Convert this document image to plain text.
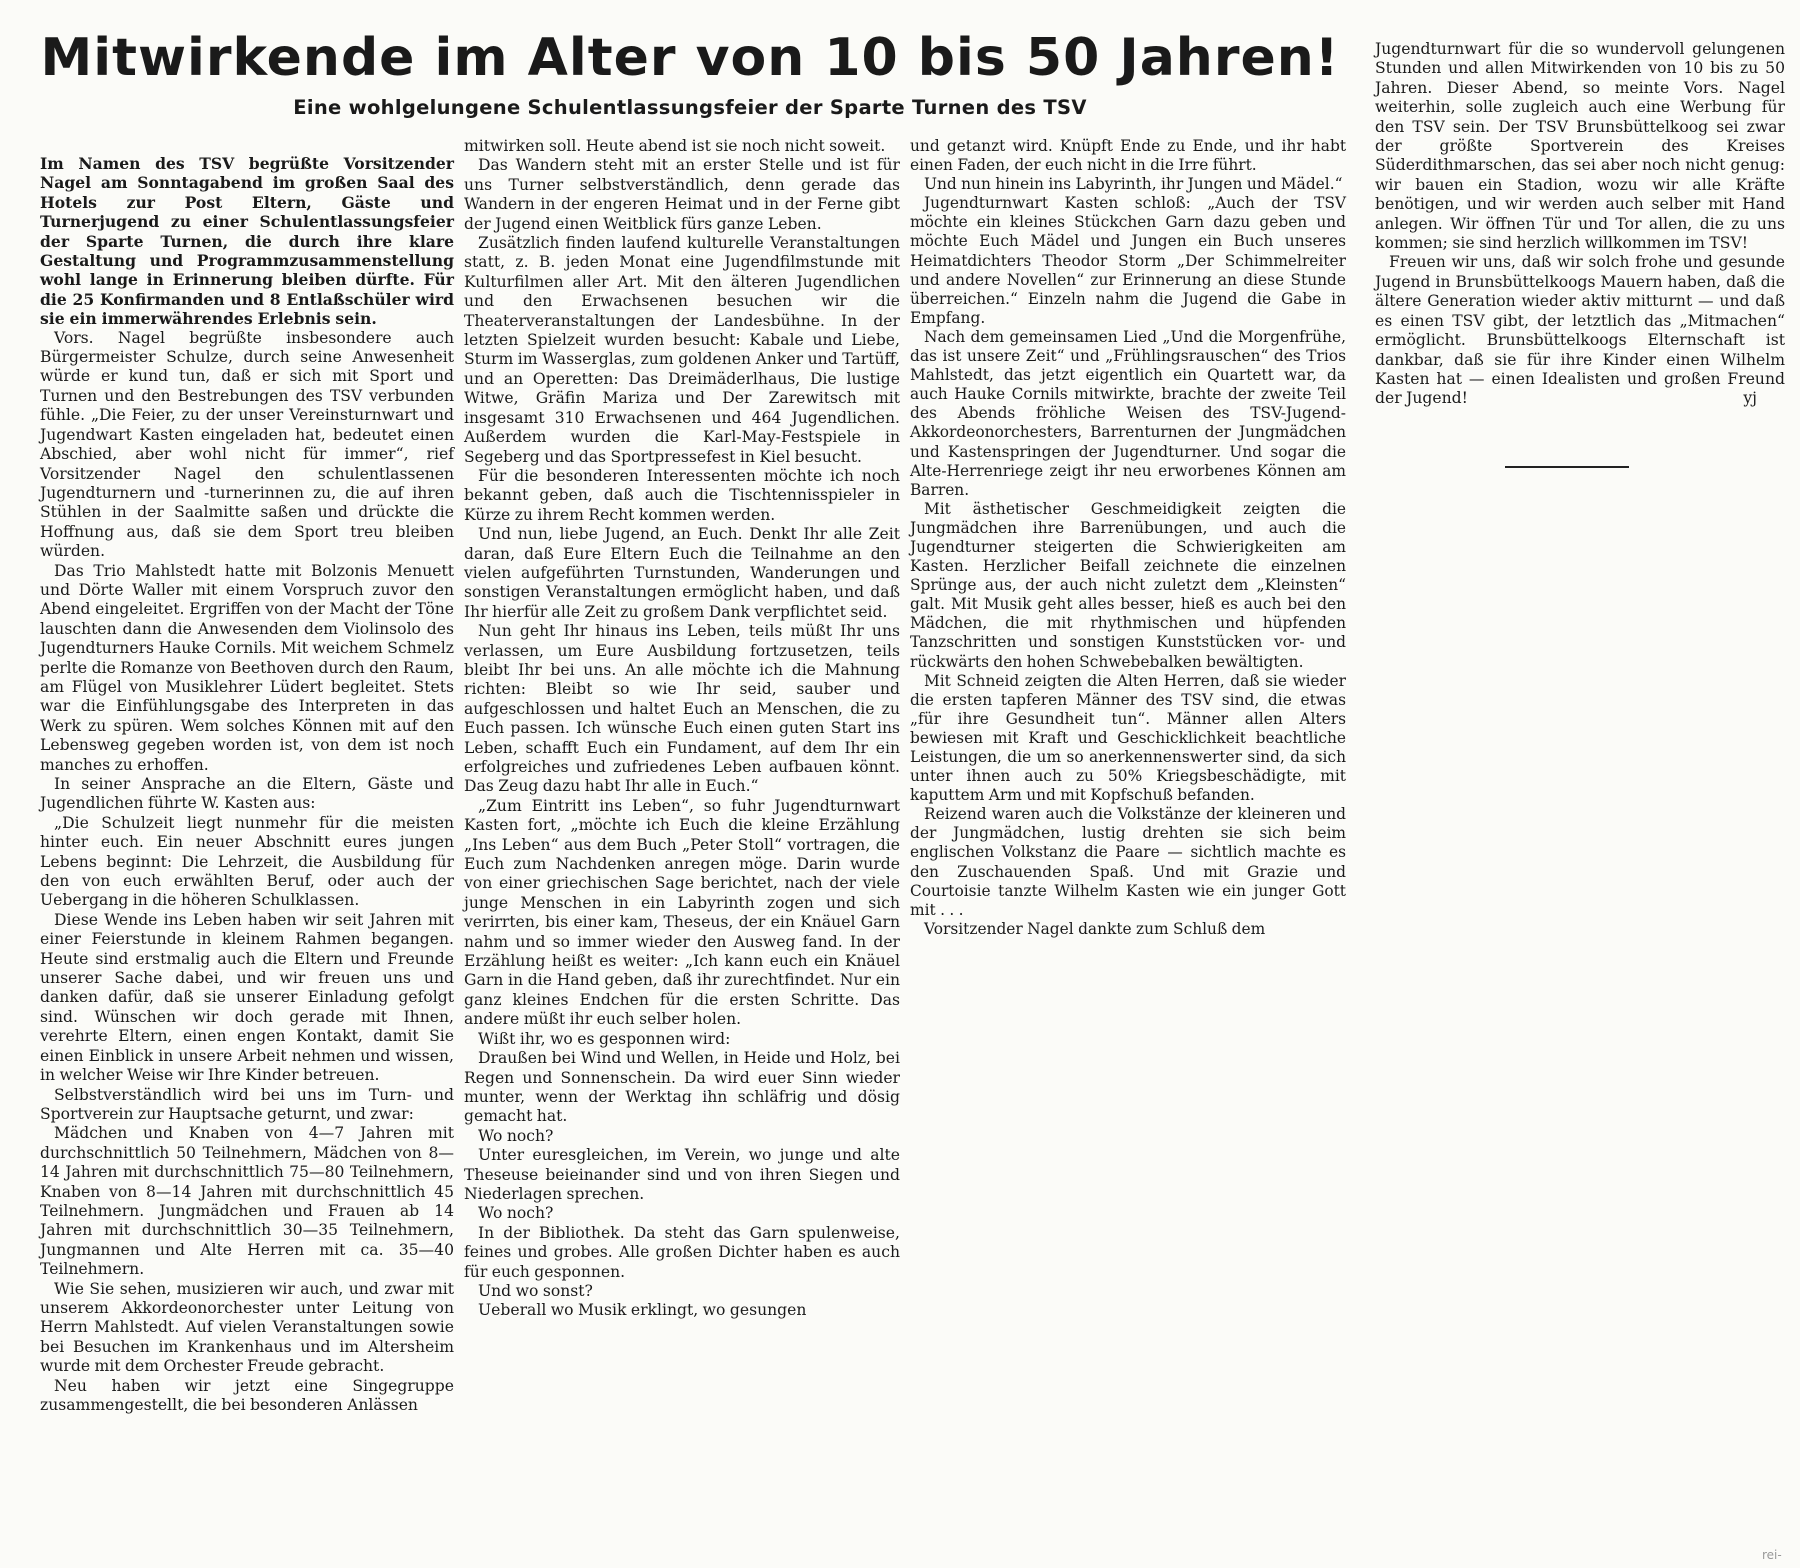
Mitwirkende im Alter von 10 bis 50 Jahren!
Eine wohlgelungene Schulentlassungsfeier der Sparte Turnen des TSV

Im Namen des TSV begrüßte Vorsitzender Nagel am Sonntagabend im großen Saal des Hotels zur Post Eltern, Gäste und Turnerjugend zu einer Schulentlassungsfeier der Sparte Turnen, die durch ihre klare Gestaltung und Programmzusammenstellung wohl lange in Erinnerung bleiben dürfte. Für die 25 Konfirmanden und 8 Entlaßschüler wird sie ein immerwährendes Erlebnis sein.

Vors. Nagel begrüßte insbesondere auch Bürgermeister Schulze, durch seine Anwesenheit würde er kund tun, daß er sich mit Sport und Turnen und den Bestrebungen des TSV verbunden fühle. „Die Feier, zu der unser Vereinsturnwart und Jugendwart Kasten eingeladen hat, bedeutet einen Abschied, aber wohl nicht für immer“, rief Vorsitzender Nagel den schulentlassenen Jugendturnern und -turnerinnen zu, die auf ihren Stühlen in der Saalmitte saßen und drückte die Hoffnung aus, daß sie dem Sport treu bleiben würden.

Das Trio Mahlstedt hatte mit Bolzonis Menuett und Dörte Waller mit einem Vorspruch zuvor den Abend eingeleitet. Ergriffen von der Macht der Töne lauschten dann die Anwesenden dem Violinsolo des Jugendturners Hauke Cornils. Mit weichem Schmelz perlte die Romanze von Beethoven durch den Raum, am Flügel von Musiklehrer Lüdert begleitet. Stets war die Einfühlungsgabe des Interpreten in das Werk zu spüren. Wem solches Können mit auf den Lebensweg gegeben worden ist, von dem ist noch manches zu erhoffen.

In seiner Ansprache an die Eltern, Gäste und Jugendlichen führte W. Kasten aus:

„Die Schulzeit liegt nunmehr für die meisten hinter euch. Ein neuer Abschnitt eures jungen Lebens beginnt: Die Lehrzeit, die Ausbildung für den von euch erwählten Beruf, oder auch der Uebergang in die höheren Schulklassen.

Diese Wende ins Leben haben wir seit Jahren mit einer Feierstunde in kleinem Rahmen begangen. Heute sind erstmalig auch die Eltern und Freunde unserer Sache dabei, und wir freuen uns und danken dafür, daß sie unserer Einladung gefolgt sind. Wünschen wir doch gerade mit Ihnen, verehrte Eltern, einen engen Kontakt, damit Sie einen Einblick in unsere Arbeit nehmen und wissen, in welcher Weise wir Ihre Kinder betreuen.

Selbstverständlich wird bei uns im Turn- und Sportverein zur Hauptsache geturnt, und zwar:

Mädchen und Knaben von 4—7 Jahren mit durchschnittlich 50 Teilnehmern, Mädchen von 8—14 Jahren mit durchschnittlich 75—80 Teilnehmern, Knaben von 8—14 Jahren mit durchschnittlich 45 Teilnehmern. Jungmädchen und Frauen ab 14 Jahren mit durchschnittlich 30—35 Teilnehmern, Jungmannen und Alte Herren mit ca. 35—40 Teilnehmern.

Wie Sie sehen, musizieren wir auch, und zwar mit unserem Akkordeonorchester unter Leitung von Herrn Mahlstedt. Auf vielen Veranstaltungen sowie bei Besuchen im Krankenhaus und im Altersheim wurde mit dem Orchester Freude gebracht.

Neu haben wir jetzt eine Singegruppe zusammengestellt, die bei besonderen Anlässen

mitwirken soll. Heute abend ist sie noch nicht soweit.

Das Wandern steht mit an erster Stelle und ist für uns Turner selbstverständlich, denn gerade das Wandern in der engeren Heimat und in der Ferne gibt der Jugend einen Weitblick fürs ganze Leben.

Zusätzlich finden laufend kulturelle Veranstaltungen statt, z. B. jeden Monat eine Jugendfilmstunde mit Kulturfilmen aller Art. Mit den älteren Jugendlichen und den Erwachsenen besuchen wir die Theaterveranstaltungen der Landesbühne. In der letzten Spielzeit wurden besucht: Kabale und Liebe, Sturm im Wasserglas, zum goldenen Anker und Tartüff, und an Operetten: Das Dreimäderlhaus, Die lustige Witwe, Gräfin Mariza und Der Zarewitsch mit insgesamt 310 Erwachsenen und 464 Jugendlichen. Außerdem wurden die Karl-May-Festspiele in Segeberg und das Sportpressefest in Kiel besucht.

Für die besonderen Interessenten möchte ich noch bekannt geben, daß auch die Tischtennisspieler in Kürze zu ihrem Recht kommen werden.

Und nun, liebe Jugend, an Euch. Denkt Ihr alle Zeit daran, daß Eure Eltern Euch die Teilnahme an den vielen aufgeführten Turnstunden, Wanderungen und sonstigen Veranstaltungen ermöglicht haben, und daß Ihr hierfür alle Zeit zu großem Dank verpflichtet seid.

Nun geht Ihr hinaus ins Leben, teils müßt Ihr uns verlassen, um Eure Ausbildung fortzusetzen, teils bleibt Ihr bei uns. An alle möchte ich die Mahnung richten: Bleibt so wie Ihr seid, sauber und aufgeschlossen und haltet Euch an Menschen, die zu Euch passen. Ich wünsche Euch einen guten Start ins Leben, schafft Euch ein Fundament, auf dem Ihr ein erfolgreiches und zufriedenes Leben aufbauen könnt. Das Zeug dazu habt Ihr alle in Euch.“

„Zum Eintritt ins Leben“, so fuhr Jugendturnwart Kasten fort, „möchte ich Euch die kleine Erzählung „Ins Leben“ aus dem Buch „Peter Stoll“ vortragen, die Euch zum Nachdenken anregen möge. Darin wurde von einer griechischen Sage berichtet, nach der viele junge Menschen in ein Labyrinth zogen und sich verirrten, bis einer kam, Theseus, der ein Knäuel Garn nahm und so immer wieder den Ausweg fand. In der Erzählung heißt es weiter: „Ich kann euch ein Knäuel Garn in die Hand geben, daß ihr zurechtfindet. Nur ein ganz kleines Endchen für die ersten Schritte. Das andere müßt ihr euch selber holen.

Wißt ihr, wo es gesponnen wird:

Draußen bei Wind und Wellen, in Heide und Holz, bei Regen und Sonnenschein. Da wird euer Sinn wieder munter, wenn der Werktag ihn schläfrig und dösig gemacht hat.

Wo noch?

Unter euresgleichen, im Verein, wo junge und alte Theseuse beieinander sind und von ihren Siegen und Niederlagen sprechen.

Wo noch?

In der Bibliothek. Da steht das Garn spulenweise, feines und grobes. Alle großen Dichter haben es auch für euch gesponnen.

Und wo sonst?

Ueberall wo Musik erklingt, wo gesungen

und getanzt wird. Knüpft Ende zu Ende, und ihr habt einen Faden, der euch nicht in die Irre führt.

Und nun hinein ins Labyrinth, ihr Jungen und Mädel.“

Jugendturnwart Kasten schloß: „Auch der TSV möchte ein kleines Stückchen Garn dazu geben und möchte Euch Mädel und Jungen ein Buch unseres Heimatdichters Theodor Storm „Der Schimmelreiter und andere Novellen“ zur Erinnerung an diese Stunde überreichen.“ Einzeln nahm die Jugend die Gabe in Empfang.

Nach dem gemeinsamen Lied „Und die Morgenfrühe, das ist unsere Zeit“ und „Frühlingsrauschen“ des Trios Mahlstedt, das jetzt eigentlich ein Quartett war, da auch Hauke Cornils mitwirkte, brachte der zweite Teil des Abends fröhliche Weisen des TSV-Jugend-Akkordeonorchesters, Barrenturnen der Jungmädchen und Kastenspringen der Jugendturner. Und sogar die Alte-Herrenriege zeigt ihr neu erworbenes Können am Barren.

Mit ästhetischer Geschmeidigkeit zeigten die Jungmädchen ihre Barrenübungen, und auch die Jugendturner steigerten die Schwierigkeiten am Kasten. Herzlicher Beifall zeichnete die einzelnen Sprünge aus, der auch nicht zuletzt dem „Kleinsten“ galt. Mit Musik geht alles besser, hieß es auch bei den Mädchen, die mit rhythmischen und hüpfenden Tanzschritten und sonstigen Kunststücken vor- und rückwärts den hohen Schwebebalken bewältigten.

Mit Schneid zeigten die Alten Herren, daß sie wieder die ersten tapferen Männer des TSV sind, die etwas „für ihre Gesundheit tun“. Männer allen Alters bewiesen mit Kraft und Geschicklichkeit beachtliche Leistungen, die um so anerkennenswerter sind, da sich unter ihnen auch zu 50% Kriegsbeschädigte, mit kaputtem Arm und mit Kopfschuß befanden.

Reizend waren auch die Volkstänze der kleineren und der Jungmädchen, lustig drehten sie sich beim englischen Volkstanz die Paare — sichtlich machte es den Zuschauenden Spaß. Und mit Grazie und Courtoisie tanzte Wilhelm Kasten wie ein junger Gott mit . . .

Vorsitzender Nagel dankte zum Schluß dem

Jugendturnwart für die so wundervoll gelungenen Stunden und allen Mitwirkenden von 10 bis zu 50 Jahren. Dieser Abend, so meinte Vors. Nagel weiterhin, solle zugleich auch eine Werbung für den TSV sein. Der TSV Brunsbüttelkoog sei zwar der größte Sportverein des Kreises Süderdithmarschen, das sei aber noch nicht genug: wir bauen ein Stadion, wozu wir alle Kräfte benötigen, und wir werden auch selber mit Hand anlegen. Wir öffnen Tür und Tor allen, die zu uns kommen; sie sind herzlich willkommen im TSV!

Freuen wir uns, daß wir solch frohe und gesunde Jugend in Brunsbüttelkoogs Mauern haben, daß die ältere Generation wieder aktiv mitturnt — und daß es einen TSV gibt, der letztlich das „Mitmachen“ ermöglicht. Brunsbüttelkoogs Elternschaft ist dankbar, daß sie für ihre Kinder einen Wilhelm Kasten hat — einen Idealisten und großen Freund der Jugend!	yj
rei-
